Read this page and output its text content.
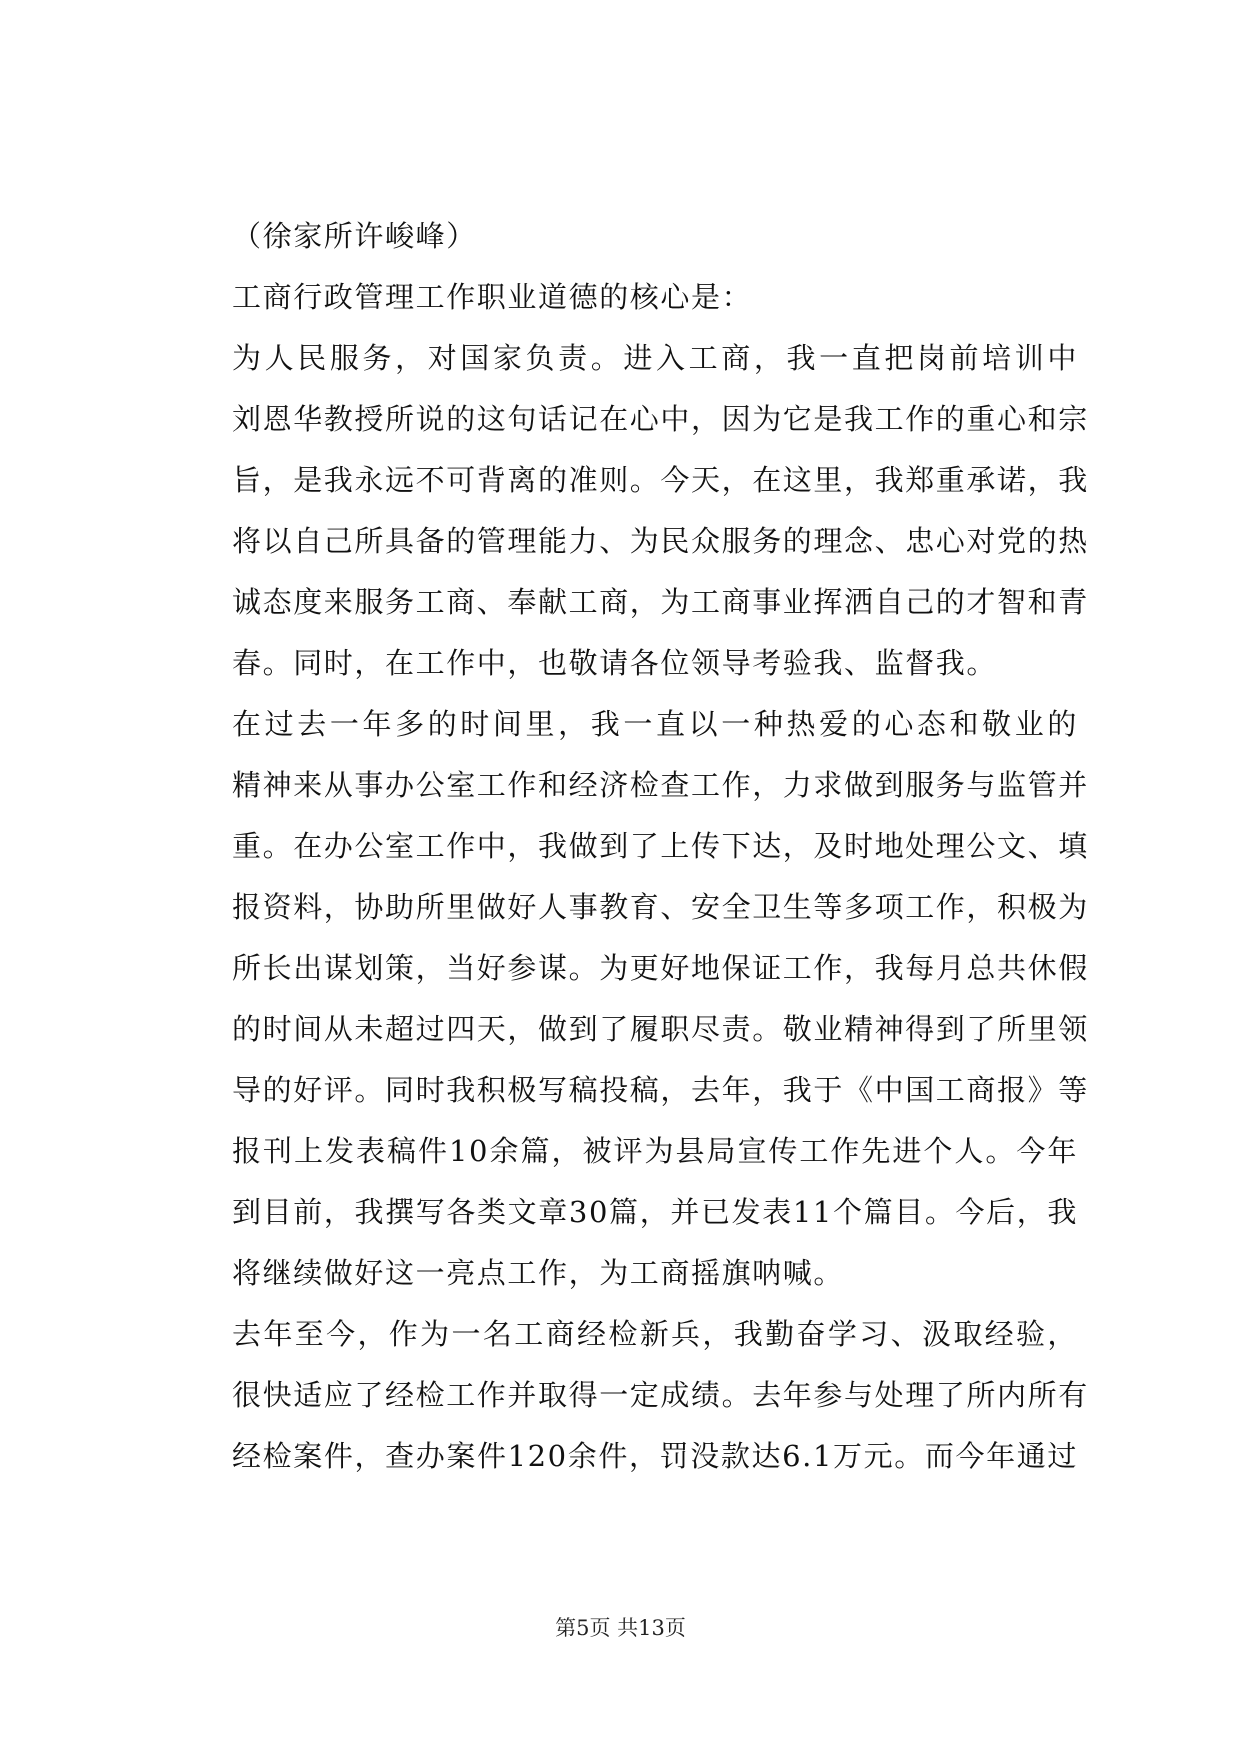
（徐家所许峻峰）
工商行政管理工作职业道德的核心是：
为人民服务，对国家负责。进入工商，我一直把岗前培训中
刘恩华教授所说的这句话记在心中，因为它是我工作的重心和宗
旨，是我永远不可背离的准则。今天，在这里，我郑重承诺，我
将以自己所具备的管理能力、为民众服务的理念、忠心对党的热
诚态度来服务工商、奉献工商，为工商事业挥洒自己的才智和青
春。同时，在工作中，也敬请各位领导考验我、监督我。
在过去一年多的时间里，我一直以一种热爱的心态和敬业的
精神来从事办公室工作和经济检查工作，力求做到服务与监管并
重。在办公室工作中，我做到了上传下达，及时地处理公文、填
报资料，协助所里做好人事教育、安全卫生等多项工作，积极为
所长出谋划策，当好参谋。为更好地保证工作，我每月总共休假
的时间从未超过四天，做到了履职尽责。敬业精神得到了所里领
导的好评。同时我积极写稿投稿，去年，我于《中国工商报》等
报刊上发表稿件10余篇，被评为县局宣传工作先进个人。今年
到目前，我撰写各类文章30篇，并已发表11个篇目。今后，我
将继续做好这一亮点工作，为工商摇旗呐喊。
去年至今，作为一名工商经检新兵，我勤奋学习、汲取经验，
很快适应了经检工作并取得一定成绩。去年参与处理了所内所有
经检案件，查办案件120余件，罚没款达6.1万元。而今年通过
第5页 共13页
